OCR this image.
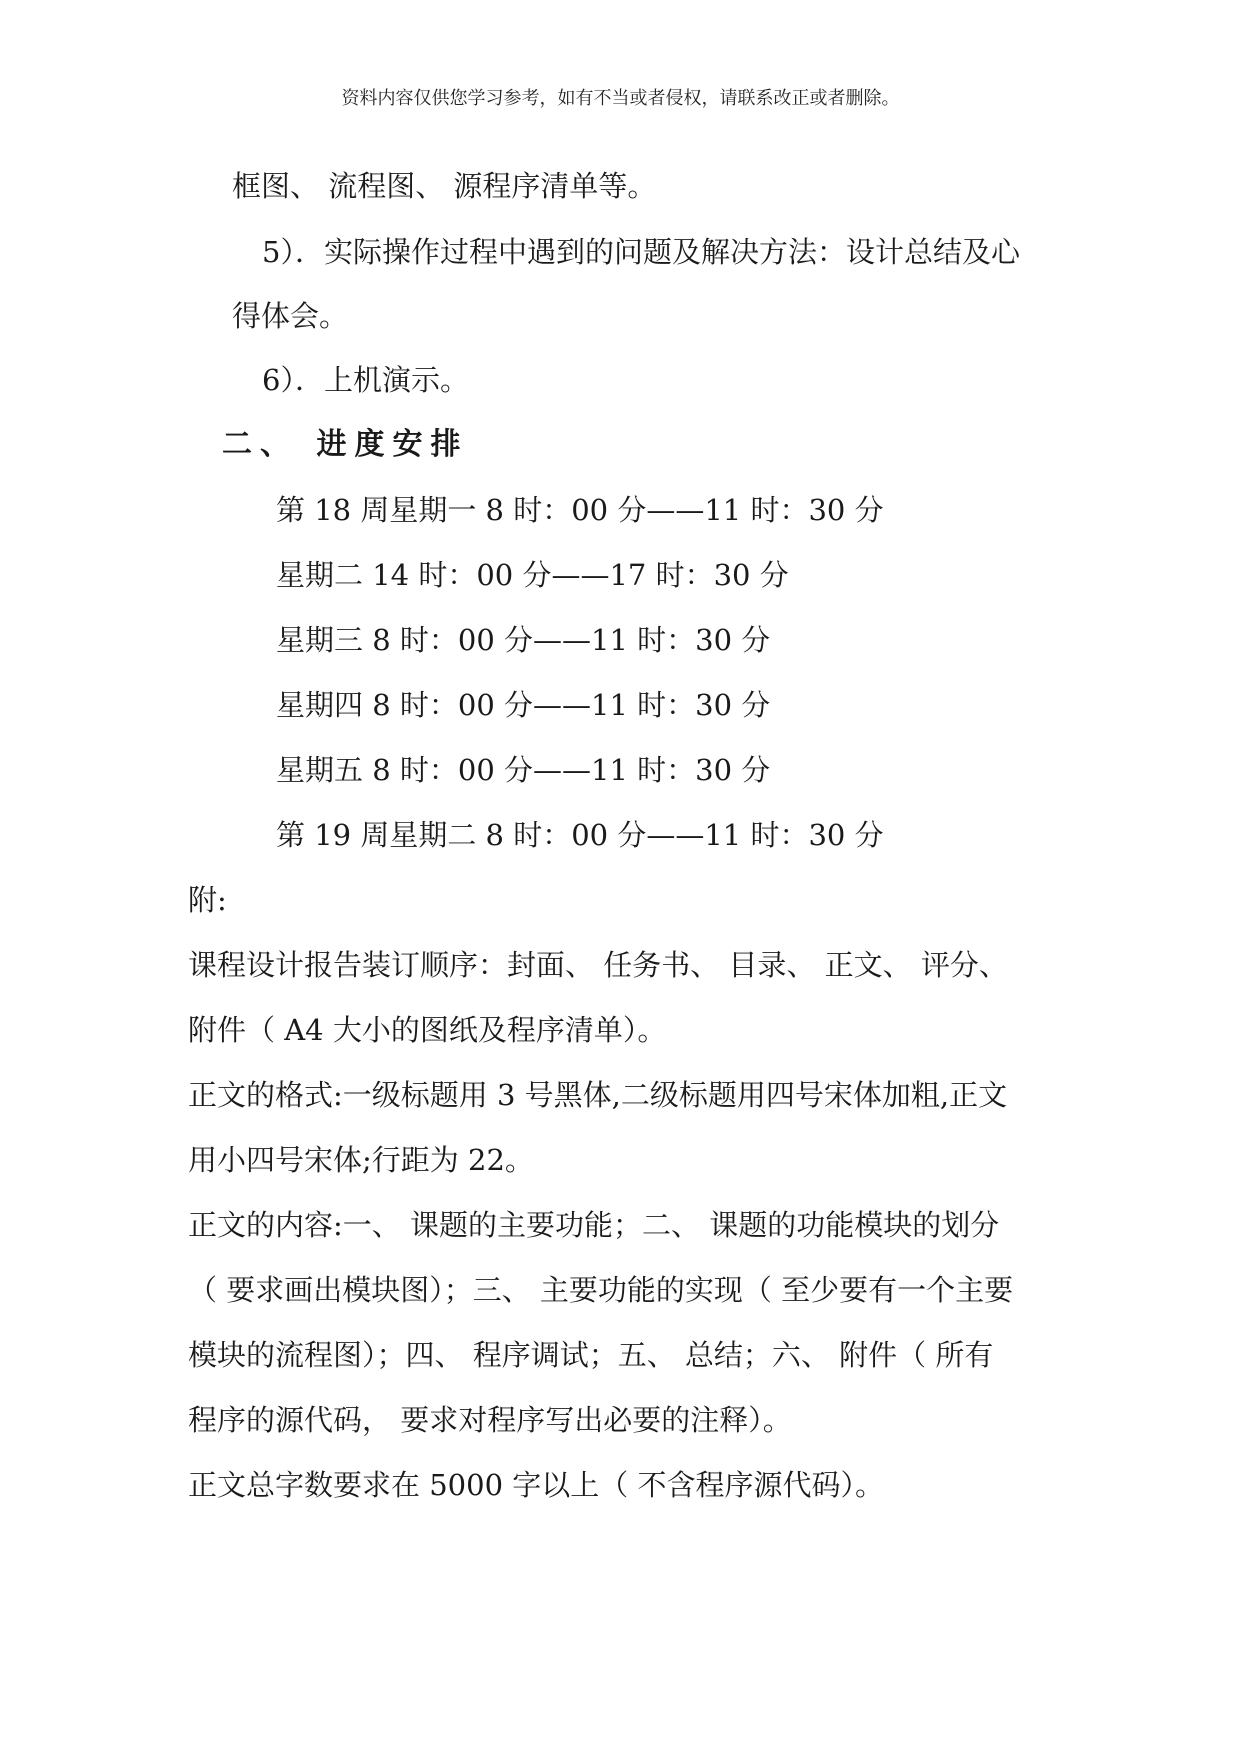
资料内容仅供您学习参考，如有不当或者侵权，请联系改正或者删除。
框图、 流程图、 源程序清单等。
5）．实际操作过程中遇到的问题及解决方法：设计总结及心
得体会。
6）．上机演示。
二、 进度安排
第 18 周星期一 8 时：00 分——11 时：30 分
星期二 14 时：00 分——17 时：30 分
星期三 8 时：00 分——11 时：30 分
星期四 8 时：00 分——11 时：30 分
星期五 8 时：00 分——11 时：30 分
第 19 周星期二 8 时：00 分——11 时：30 分
附:
课程设计报告装订顺序：封面、 任务书、 目录、 正文、 评分、
附件（ A4 大小的图纸及程序清单）。
正文的格式:一级标题用 3 号黑体,二级标题用四号宋体加粗,正文
用小四号宋体;行距为 22。
正文的内容:一、 课题的主要功能；二、 课题的功能模块的划分
（ 要求画出模块图）；三、 主要功能的实现（ 至少要有一个主要
模块的流程图）；四、 程序调试；五、 总结；六、 附件（ 所有
程序的源代码， 要求对程序写出必要的注释）。
正文总字数要求在 5000 字以上（ 不含程序源代码）。
